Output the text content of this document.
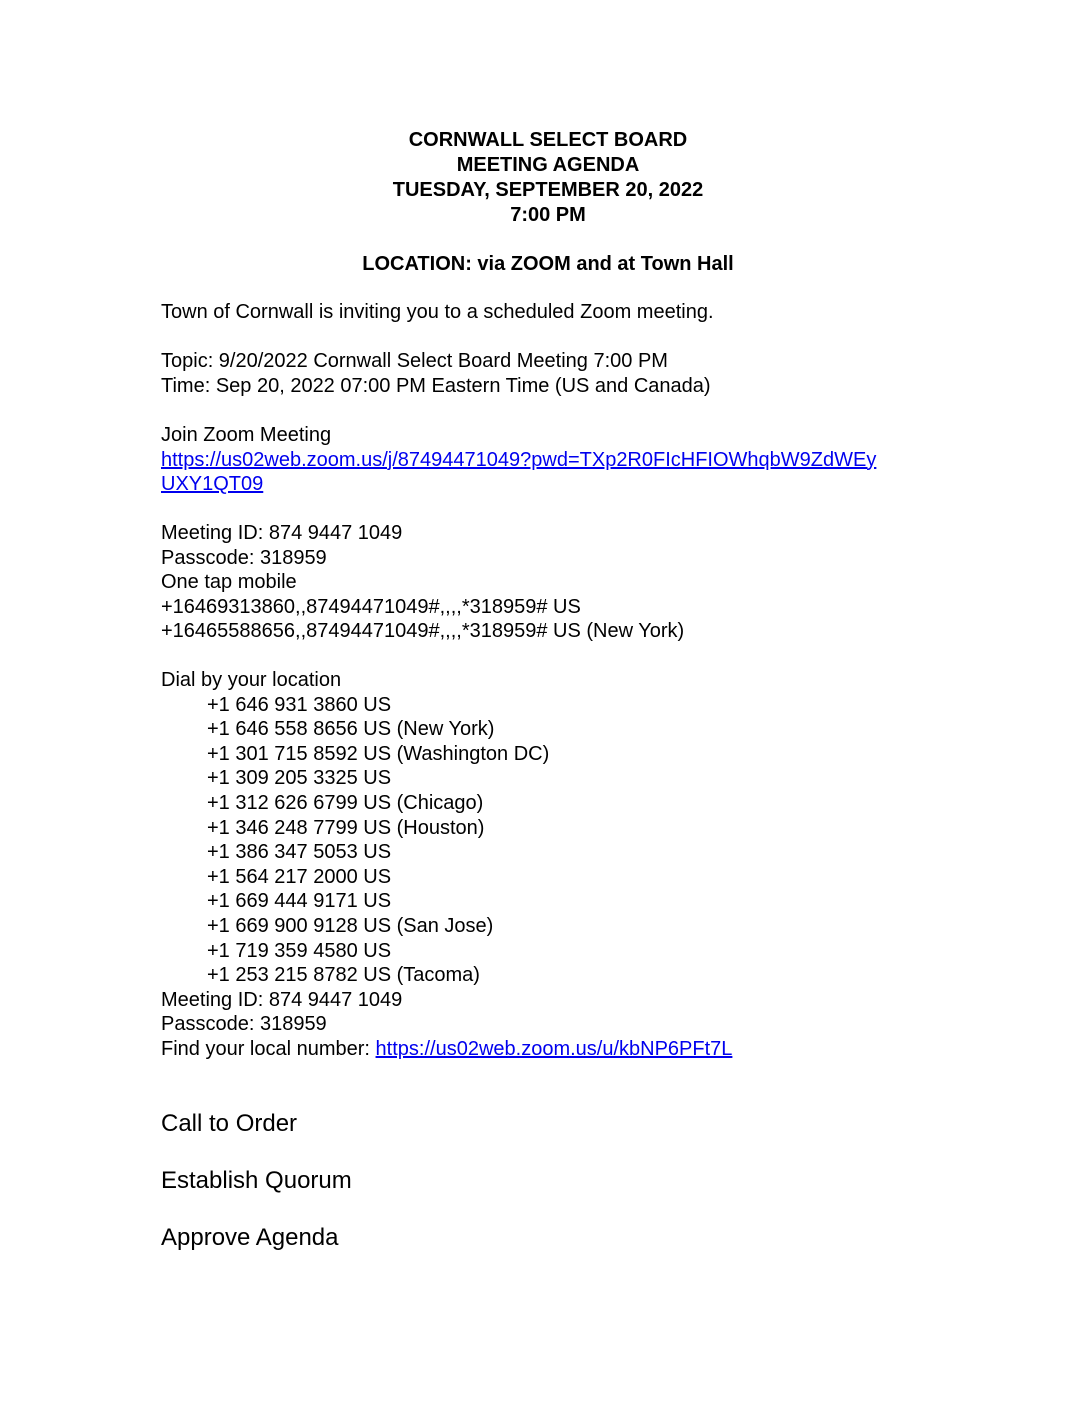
CORNWALL SELECT BOARD
MEETING AGENDA
TUESDAY, SEPTEMBER 20, 2022
7:00 PM
LOCATION: via ZOOM and at Town Hall
Town of Cornwall is inviting you to a scheduled Zoom meeting.
Topic: 9/20/2022 Cornwall Select Board Meeting 7:00 PM
Time: Sep 20, 2022 07:00 PM Eastern Time (US and Canada)
Join Zoom Meeting
https://us02web.zoom.us/j/87494471049?pwd=TXp2R0FIcHFIOWhqbW9ZdWEy
UXY1QT09
Meeting ID: 874 9447 1049
Passcode: 318959
One tap mobile
+16469313860,,87494471049#,,,,*318959# US
+16465588656,,87494471049#,,,,*318959# US (New York)
Dial by your location
+1 646 931 3860 US
+1 646 558 8656 US (New York)
+1 301 715 8592 US (Washington DC)
+1 309 205 3325 US
+1 312 626 6799 US (Chicago)
+1 346 248 7799 US (Houston)
+1 386 347 5053 US
+1 564 217 2000 US
+1 669 444 9171 US
+1 669 900 9128 US (San Jose)
+1 719 359 4580 US
+1 253 215 8782 US (Tacoma)
Meeting ID: 874 9447 1049
Passcode: 318959
Find your local number: https://us02web.zoom.us/u/kbNP6PFt7L
Call to Order
Establish Quorum
Approve Agenda
